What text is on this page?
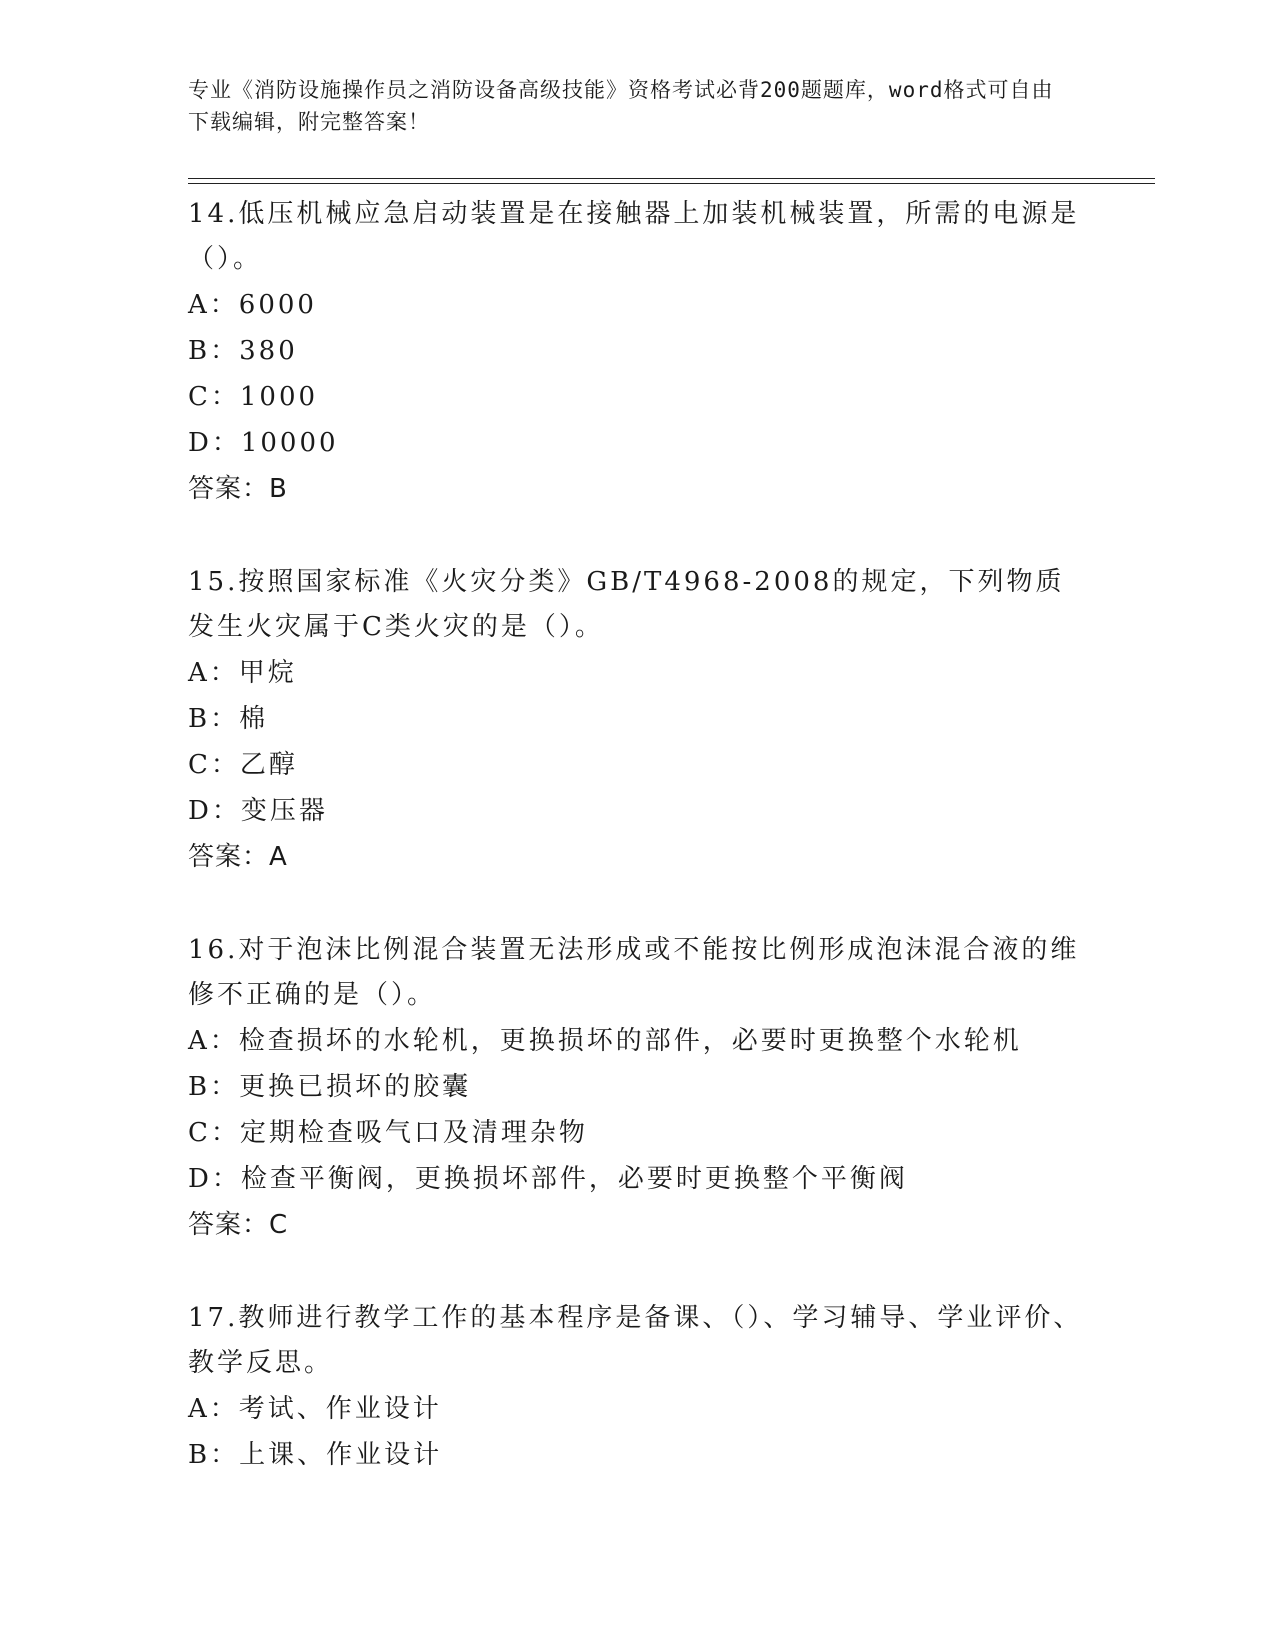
专业《消防设施操作员之消防设备高级技能》资格考试必背200题题库，word格式可自由下载编辑，附完整答案！

14.低压机械应急启动装置是在接触器上加装机械装置，所需的电源是（）。

A：6000

B：380

C：1000

D：10000

答案：B

15.按照国家标准《火灾分类》GB/T4968-2008的规定，下列物质发生火灾属于C类火灾的是（）。

A：甲烷

B：棉

C：乙醇

D：变压器

答案：A

16.对于泡沫比例混合装置无法形成或不能按比例形成泡沫混合液的维修不正确的是（）。

A：检查损坏的水轮机，更换损坏的部件，必要时更换整个水轮机

B：更换已损坏的胶囊

C：定期检查吸气口及清理杂物

D：检查平衡阀，更换损坏部件，必要时更换整个平衡阀

答案：C

17.教师进行教学工作的基本程序是备课、（）、学习辅导、学业评价、教学反思。

A：考试、作业设计

B：上课、作业设计
